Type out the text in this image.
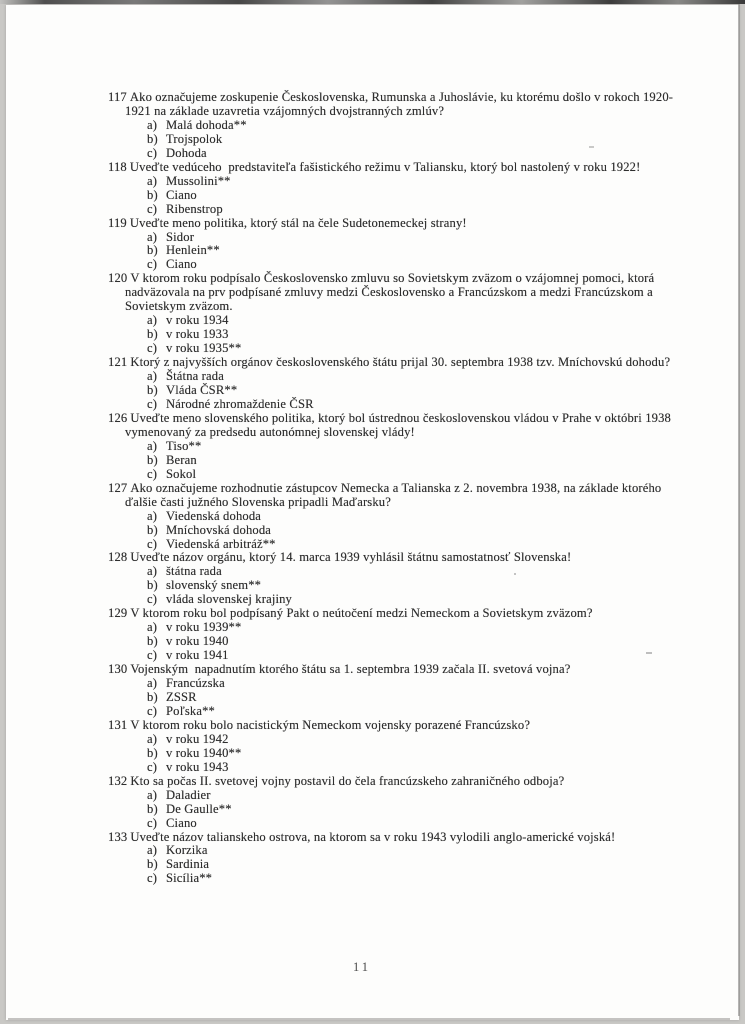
117 Ako označujeme zoskupenie Československa, Rumunska a Juhoslávie, ku ktorému došlo v rokoch 1920-
1921 na základe uzavretia vzájomných dvojstranných zmlúv?
a) Malá dohoda**
b) Trojspolok
c) Dohoda
118 Uveďte vedúceho  predstaviteľa fašistického režimu v Taliansku, ktorý bol nastolený v roku 1922!
a) Mussolini**
b) Ciano
c) Ribenstrop
119 Uveďte meno politika, ktorý stál na čele Sudetonemeckej strany!
a) Sidor
b) Henlein**
c) Ciano
120 V ktorom roku podpísalo Československo zmluvu so Sovietskym zväzom o vzájomnej pomoci, ktorá
nadväzovala na prv podpísané zmluvy medzi Československo a Francúzskom a medzi Francúzskom a
Sovietskym zväzom.
a) v roku 1934
b) v roku 1933
c) v roku 1935**
121 Ktorý z najvyšších orgánov československého štátu prijal 30. septembra 1938 tzv. Mníchovskú dohodu?
a) Štátna rada
b) Vláda ČSR**
c) Národné zhromaždenie ČSR
126 Uveďte meno slovenského politika, ktorý bol ústrednou československou vládou v Prahe v októbri 1938
vymenovaný za predsedu autonómnej slovenskej vlády!
a) Tiso**
b) Beran
c) Sokol
127 Ako označujeme rozhodnutie zástupcov Nemecka a Talianska z 2. novembra 1938, na základe ktorého
ďalšie časti južného Slovenska pripadli Maďarsku?
a) Viedenská dohoda
b) Mníchovská dohoda
c) Viedenská arbitráž**
128 Uveďte názov orgánu, ktorý 14. marca 1939 vyhlásil štátnu samostatnosť Slovenska!
a) štátna rada
b) slovenský snem**
c) vláda slovenskej krajiny
129 V ktorom roku bol podpísaný Pakt o neútočení medzi Nemeckom a Sovietskym zväzom?
a) v roku 1939**
b) v roku 1940
c) v roku 1941
130 Vojenským  napadnutím ktorého štátu sa 1. septembra 1939 začala II. svetová vojna?
a) Francúzska
b) ZSSR
c) Poľska**
131 V ktorom roku bolo nacistickým Nemeckom vojensky porazené Francúzsko?
a) v roku 1942
b) v roku 1940**
c) v roku 1943
132 Kto sa počas II. svetovej vojny postavil do čela francúzskeho zahraničného odboja?
a) Daladier
b) De Gaulle**
c) Ciano
133 Uveďte názov talianskeho ostrova, na ktorom sa v roku 1943 vylodili anglo-americké vojská!
a) Korzika
b) Sardinia
c) Sicília**
11
